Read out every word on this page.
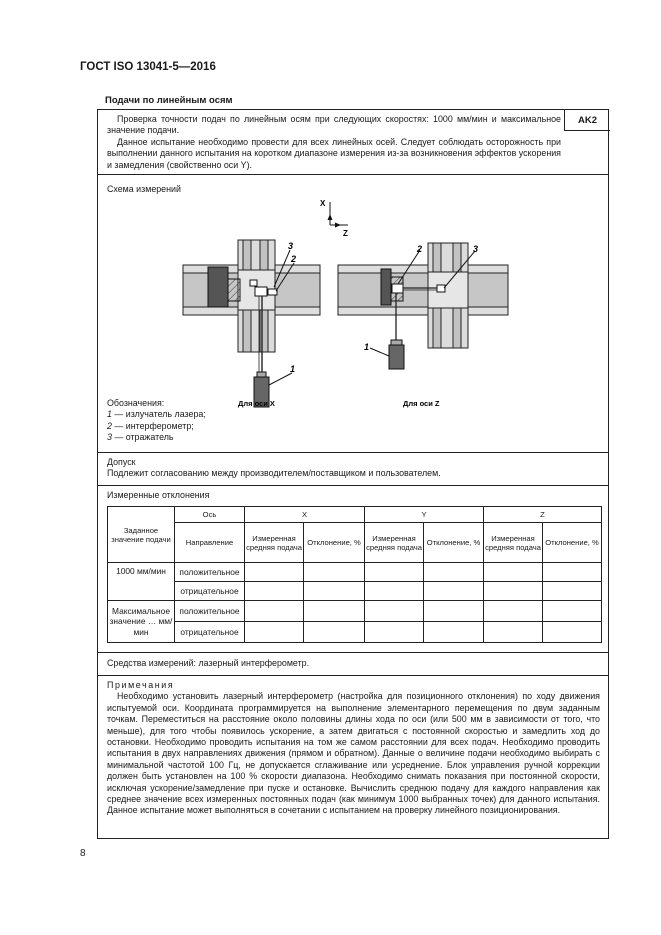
ГОСТ ISO 13041-5—2016
Подачи по линейным осям

Проверка точности подач по линейным осям при следующих скоростях: 1000 мм/мин и максимальное значение подачи.

Данное испытание необходимо провести для всех линейных осей. Следует соблюдать осторожность при выполнении данного испытания на коротком диапазоне измерения из-за возникновения эффектов ускорения и замедления (свойственно оси Y).

AK2
Схема измерений
X
Z
3
2
1
Для оси X
2	3
1
Для оси Z
Обозначения:
1 — излучатель лазера;
2 — интерферометр;
3 — отражатель
Допуск
Подлежит согласованию между производителем/поставщиком и пользователем.
Измеренные отклонения
Заданное значение подачи	Ось	X		Y		Z	
	Направление	Измеренная средняя подача	Отклонение, %	Измеренная средняя подача	Отклонение, %	Измеренная средняя подача	Отклонение, %
1000 мм/мин	положительное						
	отрицательное						
Максимальное значение … мм/мин	положительное						
	отрицательное						
Средства измерений: лазерный интерферометр.
Примечания

Необходимо установить лазерный интерферометр (настройка для позиционного отклонения) по ходу движения испытуемой оси. Координата программируется на выполнение элементарного перемещения по двум заданным точкам. Переместиться на расстояние около половины длины хода по оси (или 500 мм в зависимости от того, что меньше), для того чтобы появилось ускорение, а затем двигаться с постоянной скоростью и замедлить ход до остановки. Необходимо проводить испытания на том же самом расстоянии для всех подач. Необходимо проводить испытания в двух направлениях движения (прямом и обратном). Данные о величине подачи необходимо выбирать с минимальной частотой 100 Гц, не допускается сглаживание или усреднение. Блок управления ручной коррекции должен быть установлен на 100 % скорости диапазона. Необходимо снимать показания при постоянной скорости, исключая ускорение/замедление при пуске и остановке. Вычислить среднюю подачу для каждого направления как среднее значение всех измеренных постоянных подач (как минимум 1000 выбранных точек) для данного испытания. Данное испытание может выполняться в сочетании с испытанием на проверку линейного позиционирования.

8
